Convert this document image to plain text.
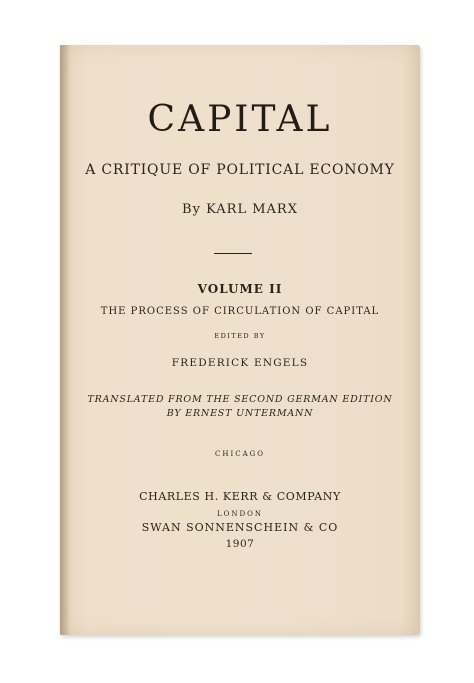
CAPITAL
A CRITIQUE OF POLITICAL ECONOMY
By KARL MARX
VOLUME II
THE PROCESS OF CIRCULATION OF CAPITAL
EDITED BY
FREDERICK ENGELS
TRANSLATED FROM THE SECOND GERMAN EDITION
BY ERNEST UNTERMANN
CHICAGO
CHARLES H. KERR & COMPANY
LONDON
SWAN SONNENSCHEIN & CO
1907
